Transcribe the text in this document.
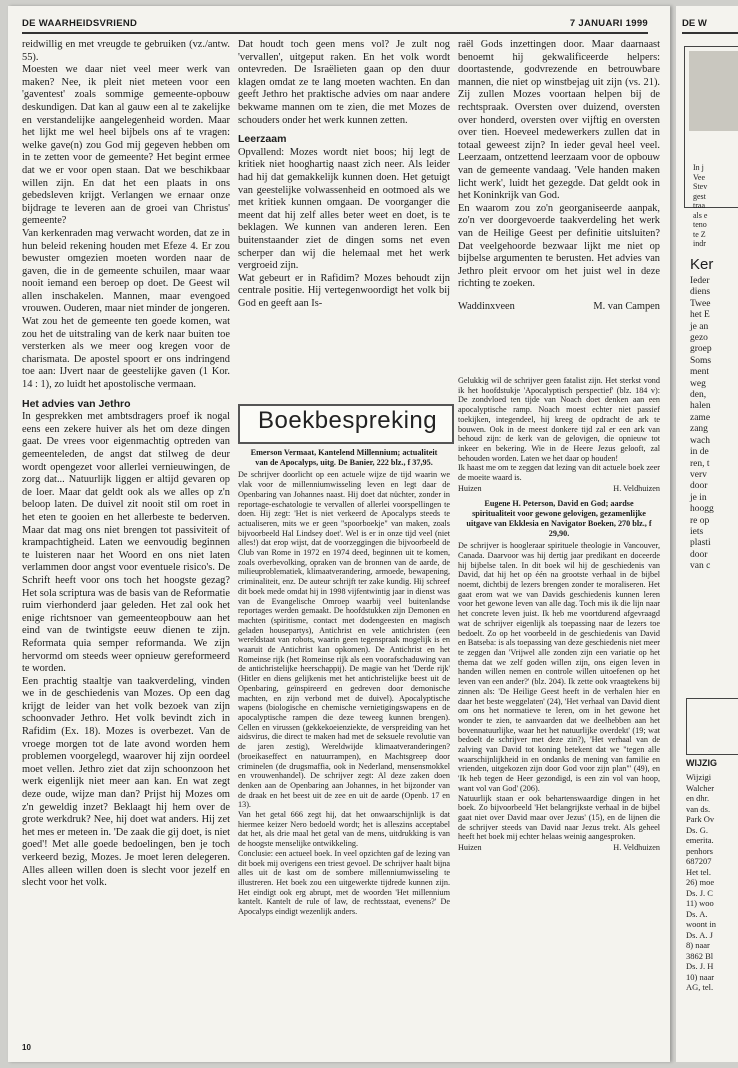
DE WAARHEIDSVRIEND	7 JANUARI 1999

reidwillig en met vreugde te gebruiken (vz./antw. 55).

Moesten we daar niet veel meer werk van maken? Nee, ik pleit niet meteen voor een 'gaventest' zoals sommige gemeente-opbouw deskundigen. Dat kan al gauw een al te zakelijke en verstandelijke aangelegenheid worden. Maar het lijkt me wel heel bijbels ons af te vragen: welke gave(n) zou God mij gegeven hebben om in te zetten voor de gemeente? Het begint ermee dat we er voor open staan. Dat we beschikbaar willen zijn. En dat het een plaats in ons gebedsleven krijgt. Verlangen we ernaar onze bijdrage te leveren aan de groei van Christus' gemeente?

Van kerkenraden mag verwacht worden, dat ze in hun beleid rekening houden met Efeze 4. Er zou bewuster omgezien moeten worden naar de gaven, die in de gemeente schuilen, maar waar nooit iemand een beroep op doet. De Geest wil allen inschakelen. Mannen, maar evengoed vrouwen. Ouderen, maar niet minder de jongeren. Wat zou het de gemeente ten goede komen, wat zou het de uitstraling van de kerk naar buiten toe versterken als we meer oog kregen voor de charismata. De apostel spoort er ons indringend toe aan: IJvert naar de geestelijke gaven (1 Kor. 14 : 1), zo luidt het apostolische vermaan.

Het advies van Jethro

In gesprekken met ambtsdragers proef ik nogal eens een zekere huiver als het om deze dingen gaat. De vrees voor eigenmachtig optreden van gemeenteleden, de angst dat stilweg de deur wordt opengezet voor allerlei vernieuwingen, de zorg dat... Natuurlijk liggen er altijd gevaren op de loer. Maar dat geldt ook als we alles op z'n beloop laten. De duivel zit nooit stil om roet in het eten te gooien en het allerbeste te bederven. Maar dat mag ons niet brengen tot passiviteit of krampachtigheid. Laten we eenvoudig beginnen te luisteren naar het Woord en ons niet laten verlammen door angst voor eventuele risico's. De Schrift heeft voor ons toch het hoogste gezag? Het sola scriptura was de basis van de Reformatie ruim vierhonderd jaar geleden. Het zal ook het enige richtsnoer van gemeenteopbouw aan het eind van de twintigste eeuw dienen te zijn. Reformata quia semper reformanda. We zijn hervormd om steeds weer opnieuw gereformeerd te worden.

Een prachtig staaltje van taakverdeling, vinden we in de geschiedenis van Mozes. Op een dag krijgt de leider van het volk bezoek van zijn schoonvader Jethro. Het volk bevindt zich in Rafidim (Ex. 18). Mozes is overbezet. Van de vroege morgen tot de late avond worden hem problemen voorgelegd, waarover hij zijn oordeel moet vellen. Jethro ziet dat zijn schoonzoon het werk eigenlijk niet meer aan kan. En wat zegt deze oude, wijze man dan? Prijst hij Mozes om z'n geweldig inzet? Beklaagt hij hem over de grote werkdruk? Nee, hij doet wat anders. Hij zet het mes er meteen in. 'De zaak die gij doet, is niet goed'! Met alle goede bedoelingen, ben je toch verkeerd bezig, Mozes. Je moet leren delegeren. Alles alleen willen doen is slecht voor jezelf en slecht voor het volk.

Dat houdt toch geen mens vol? Je zult nog 'vervallen', uitgeput raken. En het volk wordt ontevreden. De Israëlieten gaan op den duur klagen omdat ze te lang moeten wachten. En dan geeft Jethro het praktische advies om naar andere bekwame mannen om te zien, die met Mozes de schouders onder het werk kunnen zetten.

Leerzaam

Opvallend: Mozes wordt niet boos; hij legt de kritiek niet hooghartig naast zich neer. Als leider had hij dat gemakkelijk kunnen doen. Het getuigt van geestelijke volwassenheid en ootmoed als we met kritiek kunnen omgaan. De voorganger die meent dat hij zelf alles beter weet en doet, is te beklagen. We kunnen van anderen leren. Een buitenstaander ziet de dingen soms net even scherper dan wij die helemaal met het werk vergroeid zijn.

Wat gebeurt er in Rafidim? Mozes behoudt zijn centrale positie. Hij vertegenwoordigt het volk bij God en geeft aan Is-

raël Gods inzettingen door. Maar daarnaast benoemt hij gekwalificeerde helpers: doortastende, godvrezende en betrouwbare mannen, die niet op winstbejag uit zijn (vs. 21). Zij zullen Mozes voortaan helpen bij de rechtspraak. Oversten over duizend, oversten over honderd, oversten over vijftig en oversten over tien. Hoeveel medewerkers zullen dat in totaal geweest zijn? In ieder geval heel veel. Leerzaam, ontzettend leerzaam voor de opbouw van de gemeente vandaag. 'Vele handen maken licht werk', luidt het gezegde. Dat geldt ook in het Koninkrijk van God.

En waarom zou zo'n georganiseerde aanpak, zo'n ver doorgevoerde taakverdeling het werk van de Heilige Geest per definitie uitsluiten? Dat veelgehoorde bezwaar lijkt me niet op bijbelse argumenten te berusten. Het advies van Jethro pleit ervoor om het juist wel in deze richting te zoeken.

Waddinxveen	M. van Campen
Boekbespreking

Emerson Vermaat, Kantelend Millennium; actualiteit van de Apocalyps, uitg. De Banier, 222 blz., f 37,95.

De schrijver doorlicht op een actuele wijze de tijd waarin we vlak voor de millenniumwisseling leven en legt daar de Openbaring van Johannes naast. Hij doet dat nüchter, zonder in reportage-eschatologie te vervallen of allerlei voorspellingen te doen. Hij zegt: 'Het is niet verkeerd de Apocalyps steeds te actualiseren, mits we er geen "spoorboekje" van maken, zoals bijvoorbeeld Hal Lindsey doet'. Wel is er in onze tijd veel (niet alles!) dat erop wijst, dat de voorzeggingen die bijvoorbeeld de Club van Rome in 1972 en 1974 deed, beginnen uit te komen, zoals overbevolking, opraken van de bronnen van de aarde, de milieuproblematiek, klimaatverandering, armoede, bewapening, criminaliteit, enz. De auteur schrijft ter zake kundig. Hij schreef dit boek mede omdat hij in 1998 vijfentwintig jaar in dienst was van de Evangelische Omroep waarbij veel buitenlandse reportages werden gemaakt. De hoofdstukken zijn Demonen en machten (spiritisme, contact met dodengeesten en magisch geladen housepartys), Antichrist en vele antichristen (een wereldstaat van robots, waarin geen tegenspraak mogelijk is en waaruit de Antichrist kan opkomen). De Antichrist en het Romeinse rijk (het Romeinse rijk als een voorafschaduwing van de antichristelijke heerschappij). De magie van het 'Derde rijk' (Hitler en diens gelijkenis met het antichristelijke beest uit de Openbaring, geïnspireerd en gedreven door demonische machten, en zijn verbond met de duivel). Apocalyptische wapens (biologische en chemische vernietigingswapens en de apocalyptische rampen die deze teweeg kunnen brengen). Cellen en virussen (gekkekoeienziekte, de verspreiding van het aidsvirus, die direct te maken had met de seksuele revolutie van de jaren zestig), Wereldwijde klimaatveranderingen? (broeikaseffect en natuurrampen), en Machtsgreep door criminelen (de drugsmaffia, ook in Nederland, mensensmokkel en vrouwenhandel). De schrijver zegt: Al deze zaken doen denken aan de Openbaring aan Johannes, in het bijzonder van de draak en het beest uit de zee en uit de aarde (Openb. 17 en 13).

Van het getal 666 zegt hij, dat het onwaarschijnlijk is dat hiermee keizer Nero bedoeld wordt; het is alleszins acceptabel dat het, als drie maal het getal van de mens, uitdrukking is van de hoogste menselijke ontwikkeling.

Conclusie: een actueel boek. In veel opzichten gaf de lezing van dit boek mij overigens een triest gevoel. De schrijver haalt bijna alles uit de kast om de sombere millenniumwisseling te illustreren. Het boek zou een uitgewerkte tijdrede kunnen zijn. Het eindigt ook erg abrupt, met de woorden 'Het millennium kantelt. Kantelt de rule of law, de rechtsstaat, evenens?' De Apocalyps eindigt wezenlijk anders.

Gelukkig wil de schrijver geen fatalist zijn. Het sterkst vond ik het hoofdstukje 'Apocalyptisch perspectief' (blz. 184 v): De zondvloed ten tijde van Noach doet denken aan een apocalyptische ramp. Noach moest echter niet passief toekijken, integendeel, hij kreeg de opdracht de ark te bouwen. Ook in de meest donkere tijd zal er een ark van behoud zijn: de kerk van de gelovigen, die opnieuw tot inkeer en bekering. Wie in de Heere Jezus gelooft, zal behouden worden. Laten we het daar op houden!

Ik haast me om te zeggen dat lezing van dit actuele boek zeer de moeite waard is.

Huizen	H. Veldhuizen

Eugene H. Peterson, David en God; aardse spiritualiteit voor gewone gelovigen, gezamenlijke uitgave van Ekklesia en Navigator Boeken, 270 blz., f 29,90.

De schrijver is hoogleraar spirituele theologie in Vancouver, Canada. Daarvoor was hij dertig jaar predikant en doceerde hij bijbelse talen. In dit boek wil hij de geschiedenis van David, dat hij het op één na grootste verhaal in de bijbel noemt, dichtbij de lezers brengen zonder te moraliseren. Het gaat erom wat we van Davids geschiedenis kunnen leren voor het gewone leven van alle dag. Toch mis ik die lijn naar het concrete leven juist. Ik heb me voortdurend afgevraagd wat de schrijver eigenlijk als toepassing naar de lezers toe bedoelt. Zo op het voorbeeld in de geschiedenis van David en Batseba: is als toepassing van deze geschiedenis niet meer te zeggen dan 'Vrijwel alle zonden zijn een variatie op het thema dat we zelf goden willen zijn, ons eigen leven in handen willen nemen en controle willen uitoefenen op het leven van een ander?' (blz. 204). Ik zette ook vraagtekens bij zinnen als: 'De Heilige Geest heeft in de verhalen hier en daar het beste weggelaten' (24), 'Het verhaal van David dient om ons het normatieve te leren, om in het gewone het wonder te zien, te aanvaarden dat we deelhebben aan het bovennatuurlijke, waar het het natuurlijke overdekt' (19; wat bedoelt de schrijver met deze zin?), 'Het verhaal van de zalving van David tot koning betekent dat we "tegen alle waarschijnlijkheid in en ondanks de mening van familie en vrienden, uitgekozen zijn door God voor zijn plan"' (49), en 'Ik heb tegen de Heer gezondigd, is een zin vol van hoop, want vol van God' (206).

Natuurlijk staan er ook behartenswaardige dingen in het boek. Zo bijvoorbeeld 'Het belangrijkste verhaal in de bijbel gaat niet over David maar over Jezus' (15), en de lijnen die de schrijver steeds van David naar Jezus trekt. Als geheel heeft het boek mij echter helaas weinig aangesproken.

Huizen	H. Veldhuizen
10
DE W
In j
Vee
Stev
gest
traa
als e
teno
te Z
indr
Ker
Ieder
diens
Twee
het E
je an
gezo
groep
Soms
ment
weg
den,
halen
zame
zang
wach
in de
ren, t
verv
door
je in
hoogg
re op
iets
plasti
door
van c
WIJZIG
Wijzigi
Walcher
en dhr.
van ds.
Park Ov
Ds. G.
emerita.
penhors
687207
Het tel.
26) moe
Ds. J. C
11) woo
Ds. A.
woont in
Ds. A. J
8) naar
3862 Bl
Ds. J. H
10) naar
AG, tel.
